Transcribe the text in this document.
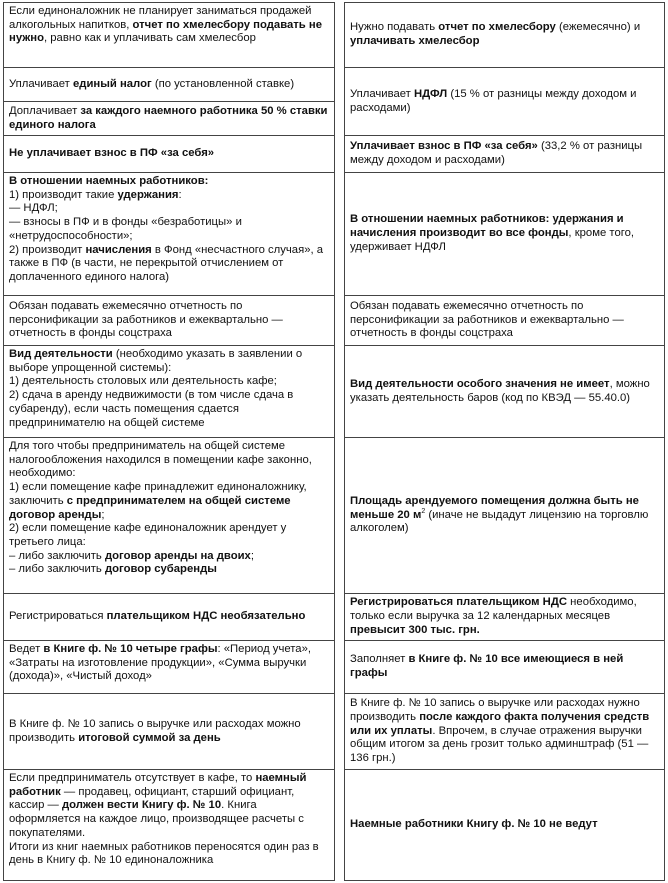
Если единоналожник не планирует заниматься продажей алкогольных напитков, отчет по хмелесбору подавать не нужно, равно как и уплачивать сам хмелесбор
Уплачивает единый налог (по установленной ставке)
Доплачивает за каждого наемного работника 50 % ставки единого налога
Не уплачивает взнос в ПФ «за себя»
В отношении наемных работников:
1) производит такие удержания:
— НДФЛ;
— взносы в ПФ и в фонды «безработицы» и «нетрудоспособности»;
2) производит начисления в Фонд «несчастного случая», а также в ПФ (в части, не перекрытой отчислением от доплаченного единого налога)
Обязан подавать ежемесячно отчетность по персонификации за работников и ежеквартально — отчетность в фонды соцстраха
Вид деятельности (необходимо указать в заявлении о выборе упрощенной системы):
1) деятельность столовых или деятельность кафе;
2) сдача в аренду недвижимости (в том числе сдача в субаренду), если часть помещения сдается предпринимателю на общей системе
Для того чтобы предприниматель на общей системе налогообложения находился в помещении кафе законно, необходимо:
1) если помещение кафе принадлежит единоналожнику, заключить с предпринимателем на общей системе договор аренды;
2) если помещение кафе единоналожник арендует у третьего лица:
– либо заключить договор аренды на двоих;
– либо заключить договор субаренды
Регистрироваться плательщиком НДС необязательно
Ведет в Книге ф. № 10 четыре графы: «Период учета», «Затраты на изготовление продукции», «Сумма выручки (дохода)», «Чистый доход»
В Книге ф. № 10 запись о выручке или расходах можно производить итоговой суммой за день
Если предприниматель отсутствует в кафе, то наемный работник — продавец, официант, старший официант, кассир — должен вести Книгу ф. № 10. Книга оформляется на каждое лицо, производящее расчеты с покупателями.
Итоги из книг наемных работников переносятся один раз в день в Книгу ф. № 10 единоналожника
Нужно подавать отчет по хмелесбору (ежемесячно) и уплачивать хмелесбор
Уплачивает НДФЛ (15 % от разницы между доходом и расходами)
Уплачивает взнос в ПФ «за себя» (33,2 % от разницы между доходом и расходами)
В отношении наемных работников: удержания и начисления производит во все фонды, кроме того, удерживает НДФЛ
Обязан подавать ежемесячно отчетность по персонификации за работников и ежеквартально — отчетность в фонды соцстраха
Вид деятельности особого значения не имеет, можно указать деятельность баров (код по КВЭД — 55.40.0)
Площадь арендуемого помещения должна быть не меньше 20 $м^2$ (иначе не выдадут лицензию на торговлю алкоголем)
Регистрироваться плательщиком НДС необходимо, только если выручка за 12 календарных месяцев превысит 300 тыс. грн.
Заполняет в Книге ф. № 10 все имеющиеся в ней графы
В Книге ф. № 10 запись о выручке или расходах нужно производить после каждого факта получения средств или их уплаты. Впрочем, в случае отражения выручки общим итогом за день грозит только админштраф (51 — 136 грн.)
Наемные работники Книгу ф. № 10 не ведут
